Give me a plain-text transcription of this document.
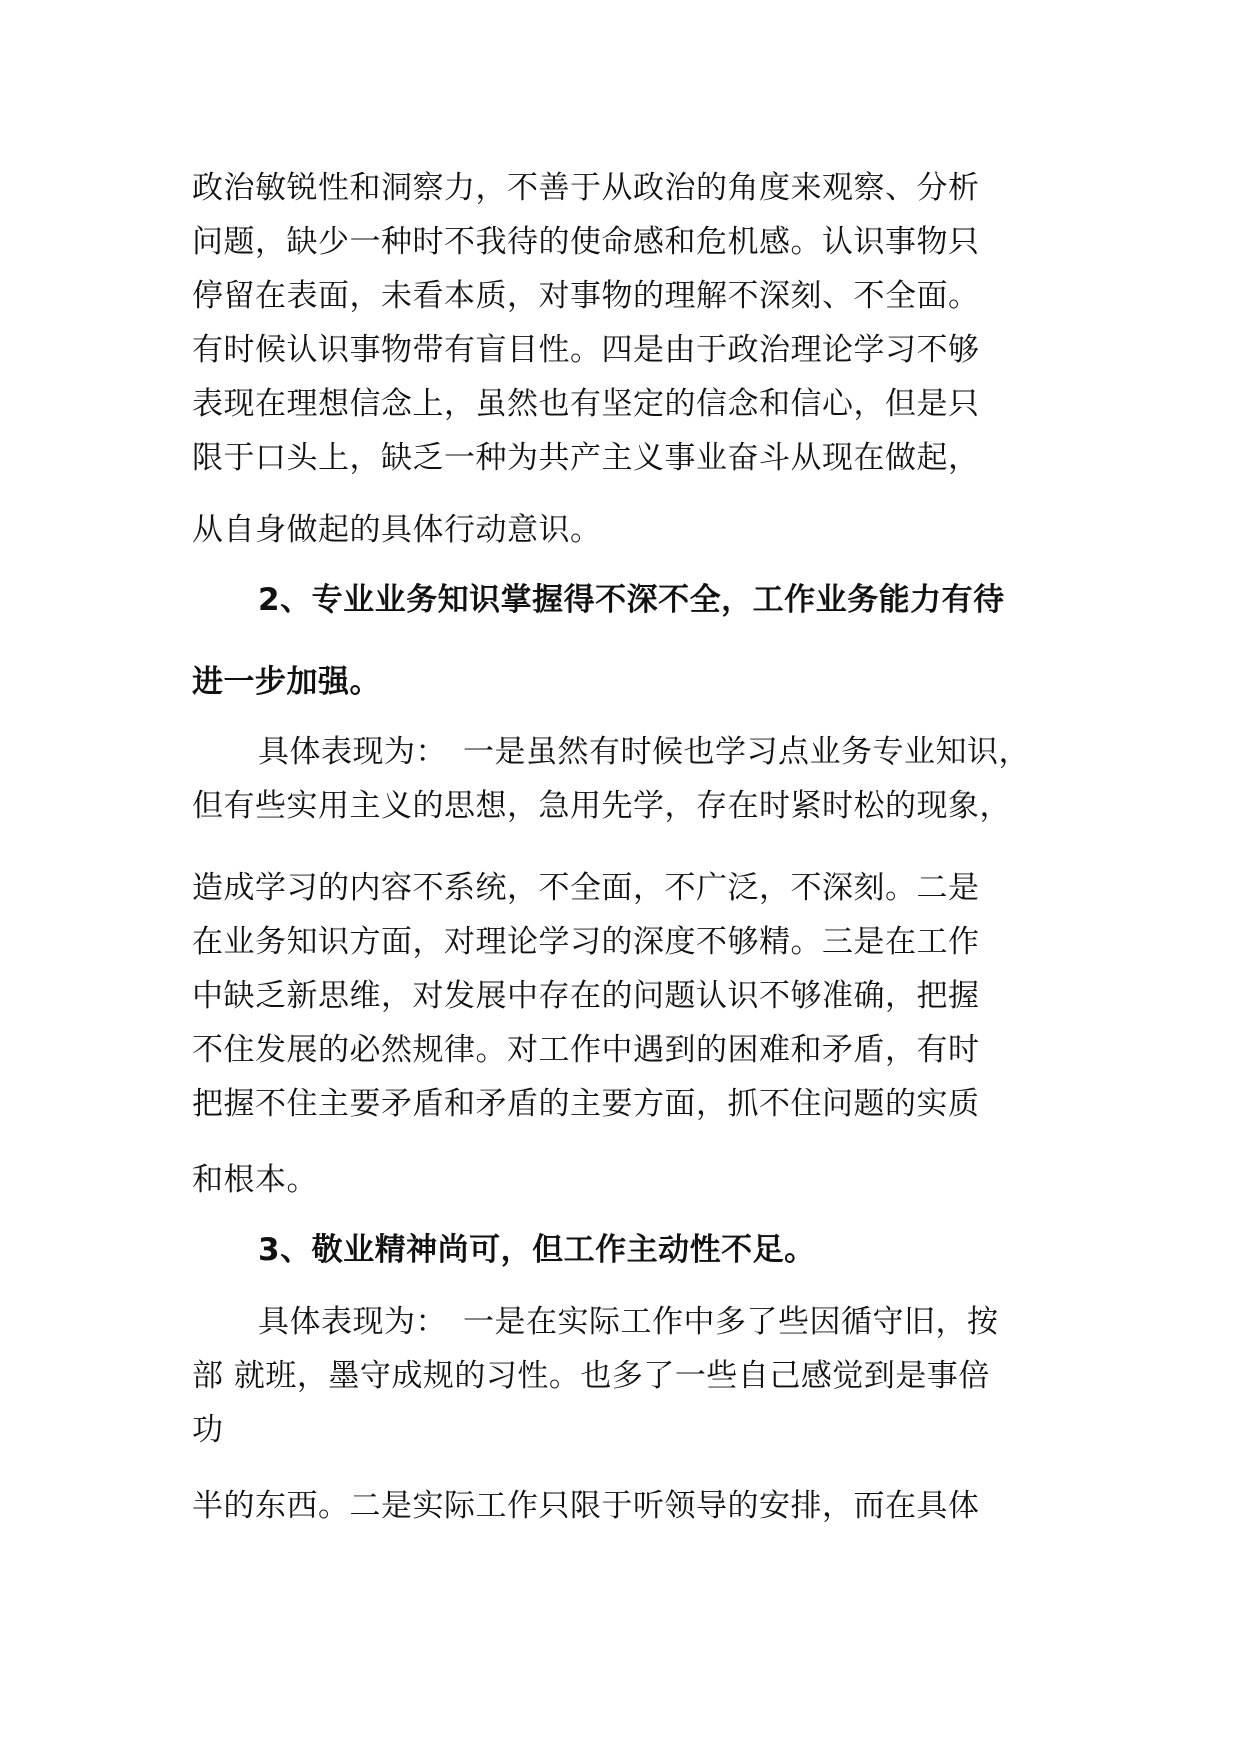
政治敏锐性和洞察力，不善于从政治的角度来观察、分析
问题，缺少一种时不我待的使命感和危机感。认识事物只
停留在表面，未看本质，对事物的理解不深刻、不全面。
有时候认识事物带有盲目性。四是由于政治理论学习不够
表现在理想信念上，虽然也有坚定的信念和信心，但是只
限于口头上，缺乏一种为共产主义事业奋斗从现在做起，
从自身做起的具体行动意识。
2、专业业务知识掌握得不深不全，工作业务能力有待
进一步加强。
具体表现为：　一是虽然有时候也学习点业务专业知识，
但有些实用主义的思想，急用先学，存在时紧时松的现象，
造成学习的内容不系统，不全面，不广泛，不深刻。二是
在业务知识方面，对理论学习的深度不够精。三是在工作
中缺乏新思维，对发展中存在的问题认识不够准确，把握
不住发展的必然规律。对工作中遇到的困难和矛盾，有时
把握不住主要矛盾和矛盾的主要方面，抓不住问题的实质
和根本。
3、敬业精神尚可，但工作主动性不足。
具体表现为：　一是在实际工作中多了些因循守旧，按
部 就班，墨守成规的习性。也多了一些自己感觉到是事倍
功
半的东西。二是实际工作只限于听领导的安排，而在具体
